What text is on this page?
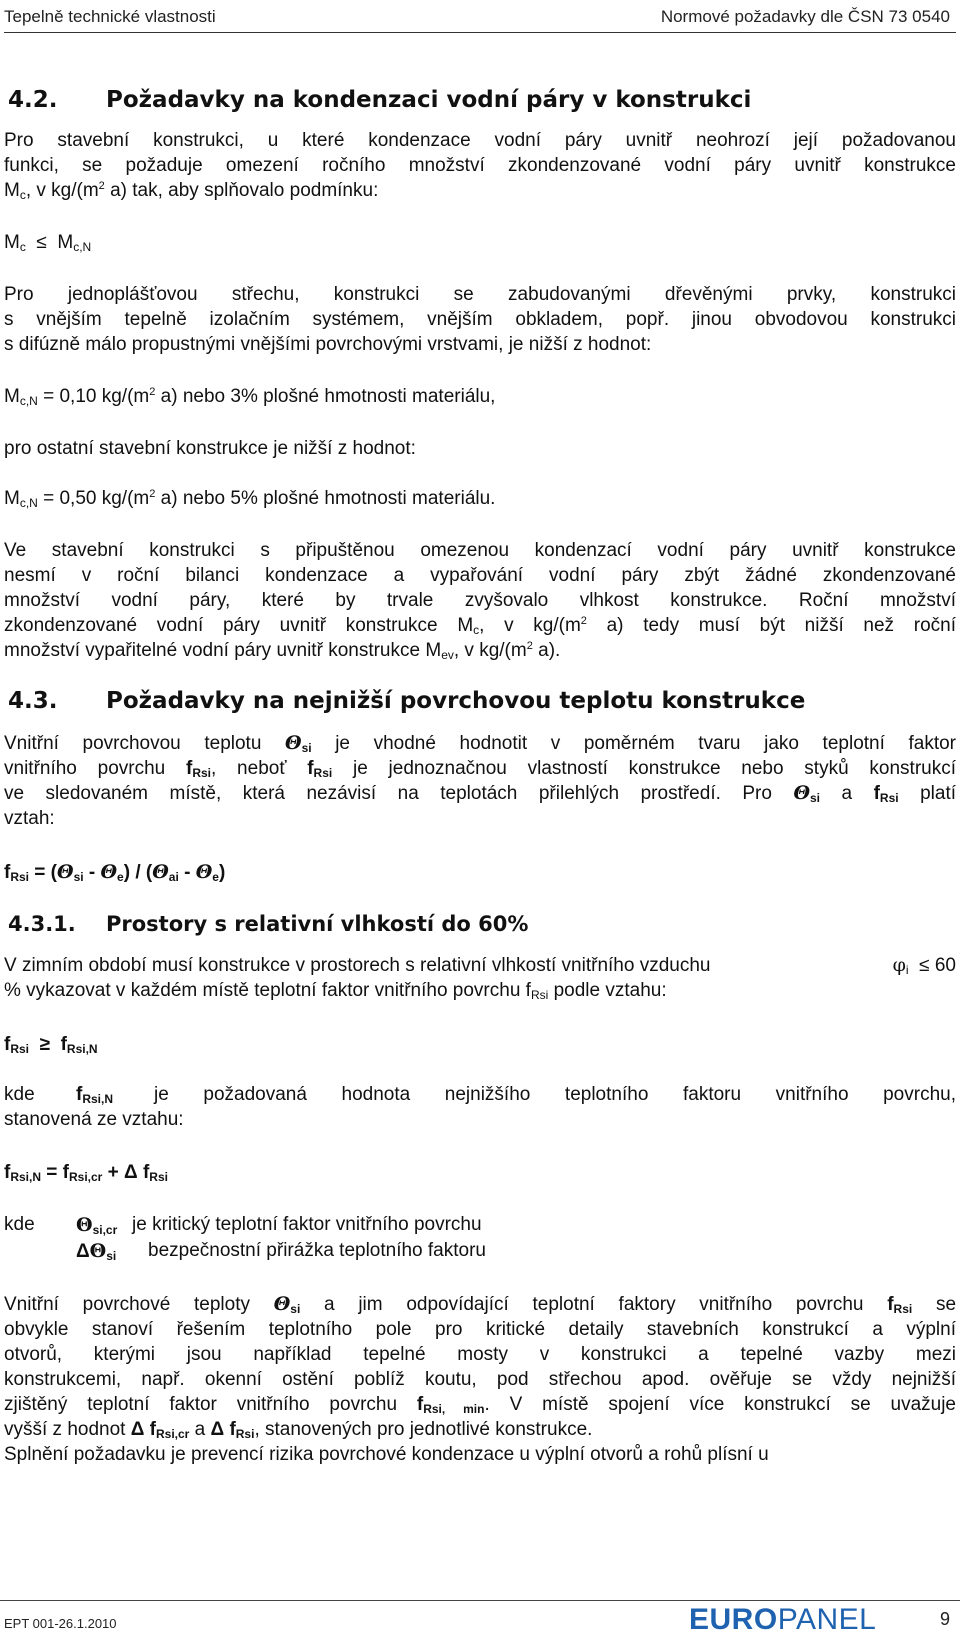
Tepelně technické vlastnosti	Normové požadavky dle ČSN 73 0540
4.2. Požadavky na kondenzaci vodní páry v konstrukci
Pro stavební konstrukci, u které kondenzace vodní páry uvnitř neohrozí její požadovanou
funkci, se požaduje omezení ročního množství zkondenzované vodní páry uvnitř konstrukce
$M_c$, v $kg/(m^2$ a) tak, aby splňovalo podmínku:
$M_c \le M_{c,N}$
Pro jednoplášťovou střechu, konstrukci se zabudovanými dřevěnými prvky, konstrukci
s vnějším tepelně izolačním systémem, vnějším obkladem, popř. jinou obvodovou konstrukci
s difúzně málo propustnými vnějšími povrchovými vrstvami, je nižší z hodnot:
$M_{c,N} = 0,10$ $kg/(m^2$ a) nebo 3% plošné hmotnosti materiálu,
pro ostatní stavební konstrukce je nižší z hodnot:
$M_{c,N} = 0,50$ $kg/(m^2$ a) nebo 5% plošné hmotnosti materiálu.
Ve stavební konstrukci s připuštěnou omezenou kondenzací vodní páry uvnitř konstrukce
nesmí v roční bilanci kondenzace a vypařování vodní páry zbýt žádné zkondenzované
množství vodní páry, které by trvale zvyšovalo vlhkost konstrukce. Roční množství
zkondenzované vodní páry uvnitř konstrukce $M_c$, v $kg/(m^2$ a) tedy musí být nižší než roční
množství vypařitelné vodní páry uvnitř konstrukce $M_{ev}$, v $kg/(m^2$ a).
4.3. Požadavky na nejnižší povrchovou teplotu konstrukce
Vnitřní povrchovou teplotu $\Theta_{si}$ je vhodné hodnotit v poměrném tvaru jako teplotní faktor
vnitřního povrchu $f_{Rsi}$, neboť $f_{Rsi}$ je jednoznačnou vlastností konstrukce nebo styků konstrukcí
ve sledovaném místě, která nezávisí na teplotách přilehlých prostředí. Pro $\Theta_{si}$ a $f_{Rsi}$ platí
vztah:
$f_{Rsi} = (\Theta_{si} - \Theta_e) / (\Theta_{ai} - \Theta_e)$
4.3.1. Prostory s relativní vlhkostí do 60%
V zimním období musí konstrukce v prostorech s relativní vlhkostí vnitřního vzduchu	$\varphi_i \le 60$
% vykazovat v každém místě teplotní faktor vnitřního povrchu $f_{Rsi}$ podle vztahu:
$f_{Rsi} \ge f_{Rsi,N}$
kde $f_{Rsi,N}$ je požadovaná hodnota nejnižšího teplotního faktoru vnitřního povrchu,
stanovená ze vztahu:
$f_{Rsi,N} = f_{Rsi,cr} + \Delta$ $f_{Rsi}$
kde $\Theta_{si,cr}$ je kritický teplotní faktor vnitřního povrchu
$\Delta\Theta_{si}$ bezpečnostní přirážka teplotního faktoru
Vnitřní povrchové teploty $\Theta_{si}$ a jim odpovídající teplotní faktory vnitřního povrchu $f_{Rsi}$ se
obvykle stanoví řešením teplotního pole pro kritické detaily stavebních konstrukcí a výplní
otvorů, kterými jsou například tepelné mosty v konstrukci a tepelné vazby mezi
konstrukcemi, např. okenní ostění poblíž koutu, pod střechou apod. ověřuje se vždy nejnižší
zjištěný teplotní faktor vnitřního povrchu $f_{Rsi, min}$. V místě spojení více konstrukcí se uvažuje
vyšší z hodnot Δ $f_{Rsi,cr}$ a Δ $f_{Rsi}$, stanovených pro jednotlivé konstrukce.
Splnění požadavku je prevencí rizika povrchové kondenzace u výplní otvorů a rohů plísní u
EPT 001-26.1.2010	EUROPANEL	9
